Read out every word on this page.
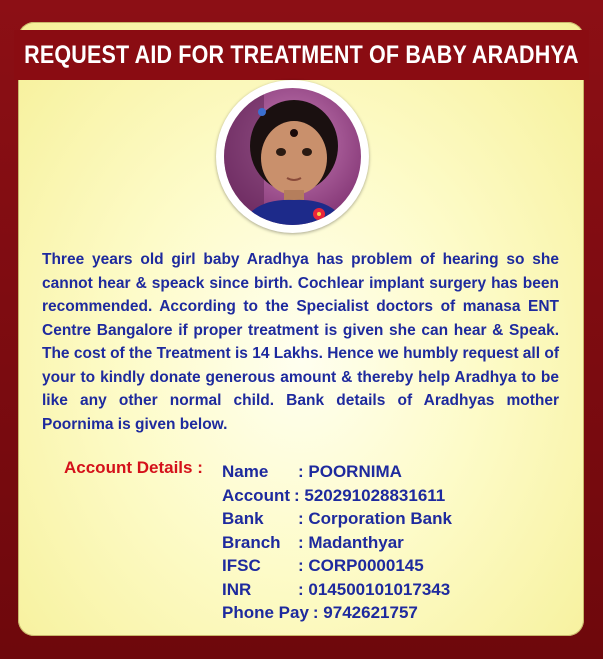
REQUEST AID FOR TREATMENT OF BABY ARADHYA

Three years old girl baby Aradhya has problem of hearing so she cannot hear & speack since birth. Cochlear implant surgery has been recommended. According to the Specialist doctors of manasa ENT Centre Bangalore if proper treatment is given she can hear & Speak. The cost of the Treatment is 14 Lakhs. Hence we humbly request all of your to kindly donate generous amount & thereby help Aradhya to be like any other normal child. Bank details of Aradhyas mother Poornima is given below.

Account Details : Name	: POORNIMA
Account : 520291028831611
Bank	: Corporation Bank
Branch	: Madanthyar
IFSC	: CORP0000145
INR	: 014500101017343
Phone Pay : 9742621757
